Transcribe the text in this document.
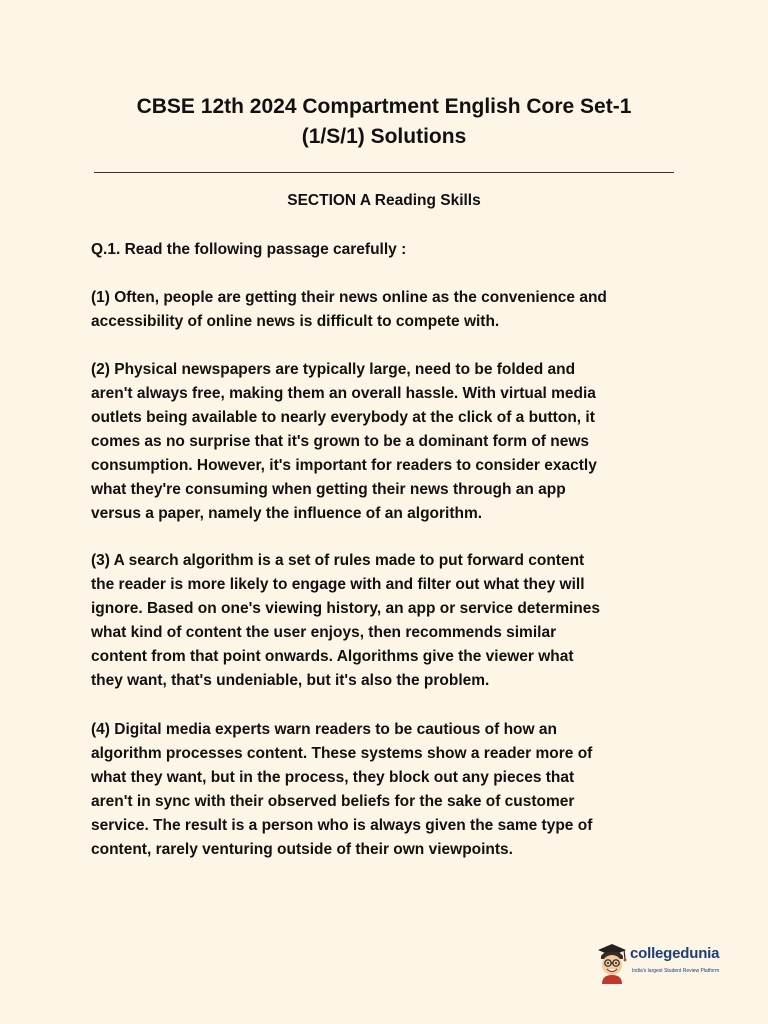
CBSE 12th 2024 Compartment English Core Set-1
(1/S/1) Solutions
SECTION A Reading Skills
Q.1. Read the following passage carefully :
(1) Often, people are getting their news online as the convenience and
accessibility of online news is difficult to compete with.
(2) Physical newspapers are typically large, need to be folded and
aren't always free, making them an overall hassle. With virtual media
outlets being available to nearly everybody at the click of a button, it
comes as no surprise that it's grown to be a dominant form of news
consumption. However, it's important for readers to consider exactly
what they're consuming when getting their news through an app
versus a paper, namely the influence of an algorithm.
(3) A search algorithm is a set of rules made to put forward content
the reader is more likely to engage with and filter out what they will
ignore. Based on one's viewing history, an app or service determines
what kind of content the user enjoys, then recommends similar
content from that point onwards. Algorithms give the viewer what
they want, that's undeniable, but it's also the problem.
(4) Digital media experts warn readers to be cautious of how an
algorithm processes content. These systems show a reader more of
what they want, but in the process, they block out any pieces that
aren't in sync with their observed beliefs for the sake of customer
service. The result is a person who is always given the same type of
content, rarely venturing outside of their own viewpoints.
collegedunia
India's largest Student Review Platform
